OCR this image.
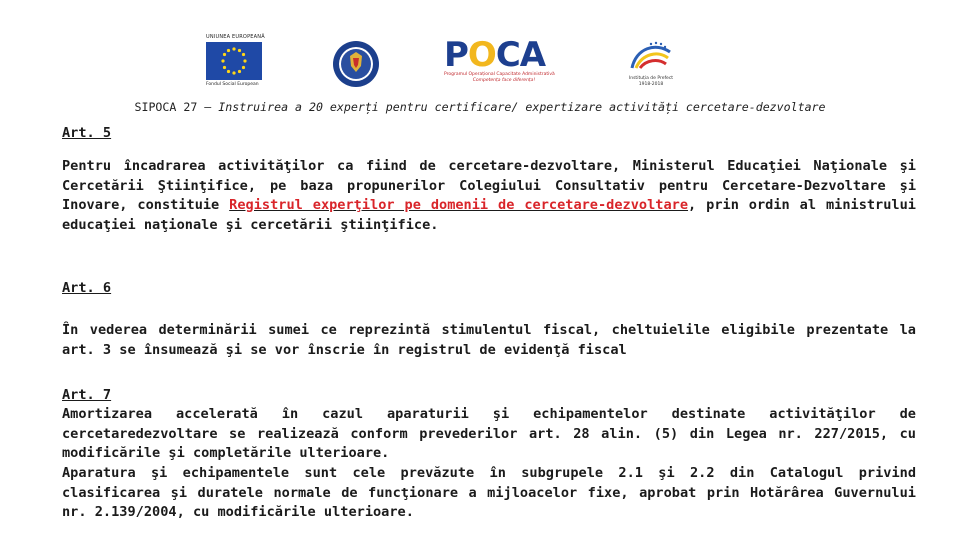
UNIUNEA EUROPEANĂ
Fondul Social European
POCA
Programul Operațional Capacitate Administrativă
Competența face diferența!	Instituția de Prefect 1918-2018
SIPOCA 27 – Instruirea a 20 experți pentru certificare/ expertizare activități cercetare-dezvoltare
Art. 5

Pentru încadrarea activităţilor ca fiind de cercetare-dezvoltare, Ministerul Educaţiei Naţionale şi Cercetării Ştiinţifice, pe baza propunerilor Colegiului Consultativ pentru Cercetare-Dezvoltare şi Inovare, constituie Registrul experţilor pe domenii de cercetare-dezvoltare, prin ordin al ministrului educaţiei naţionale şi cercetării ştiinţifice.

Art. 6

În vederea determinării sumei ce reprezintă stimulentul fiscal, cheltuielile eligibile prezentate la art. 3 se însumează şi se vor înscrie în registrul de evidenţă fiscal

Art. 7

Amortizarea accelerată în cazul aparaturii şi echipamentelor destinate activităţilor de cercetaredezvoltare se realizează conform prevederilor art. 28 alin. (5) din Legea nr. 227/2015, cu modificările şi completările ulterioare.

Aparatura şi echipamentele sunt cele prevăzute în subgrupele 2.1 şi 2.2 din Catalogul privind clasificarea şi duratele normale de funcţionare a mijloacelor fixe, aprobat prin Hotărârea Guvernului nr. 2.139/2004, cu modificările ulterioare.
